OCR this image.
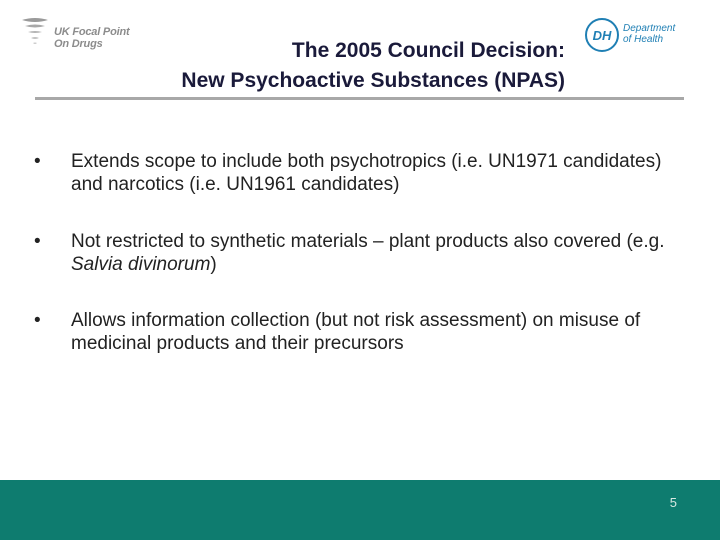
UK Focal Point
On Drugs
DH	Department
of Health
The 2005 Council Decision:
New Psychoactive Substances (NPAS)
• Extends scope to include both psychotropics (i.e. UN1971 candidates) and narcotics (i.e. UN1961 candidates)
• Not restricted to synthetic materials – plant products also covered (e.g. Salvia divinorum)
• Allows information collection (but not risk assessment) on misuse of medicinal products and their precursors
5
